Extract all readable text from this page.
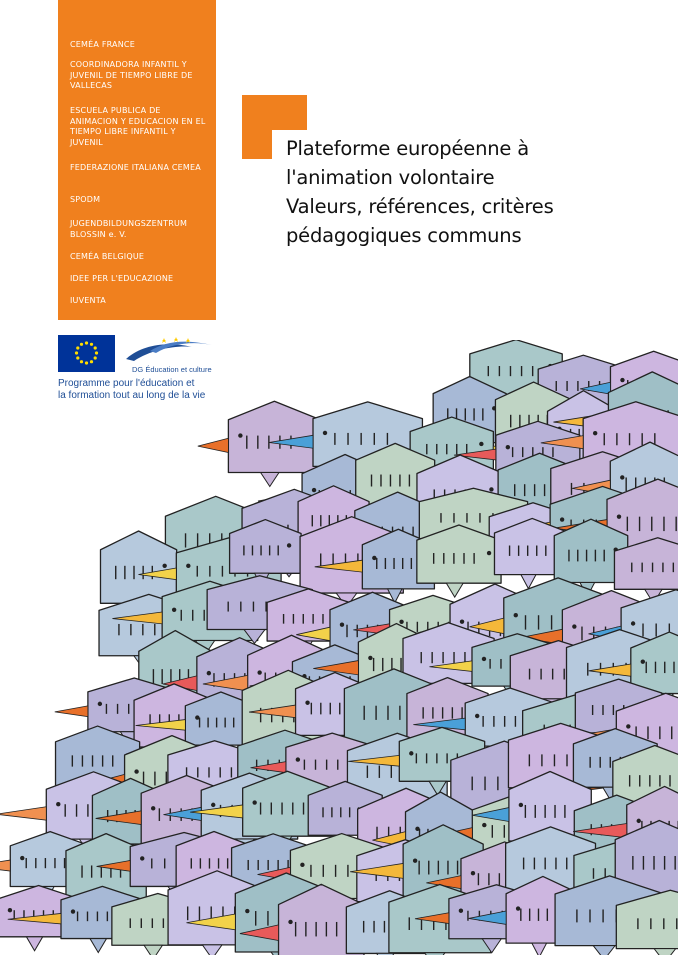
CEMÉA FRANCE
COORDINADORA INFANTIL Y JUVENIL DE TIEMPO LIBRE DE VALLECAS
ESCUELA PUBLICA DE ANIMACION Y EDUCACION EN EL TIEMPO LIBRE INFANTIL Y JUVENIL
FEDERAZIONE ITALIANA CEMEA
SPODM
JUGENDBILDUNGSZENTRUM BLOSSIN e. V.
CEMÉA BELGIQUE
IDEE PER L'EDUCAZIONE
IUVENTA
Plateforme européenne à
l'animation volontaire
Valeurs, références, critères
pédagogiques communs
DG Éducation et culture
Programme pour l'éducation et
la formation tout au long de la vie
